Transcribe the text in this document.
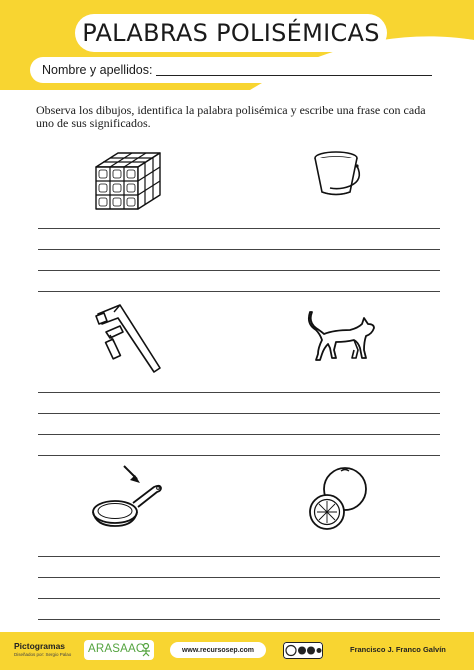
PALABRAS POLISÉMICAS
Nombre y apellidos:
Observa los dibujos, identifica la palabra polisémica y escribe una frase con cada uno de sus significados.
Pictogramas
Diseñados por: Sergio Palao ARASAAC	www.recursosep.com	Francisco J. Franco Galvín
